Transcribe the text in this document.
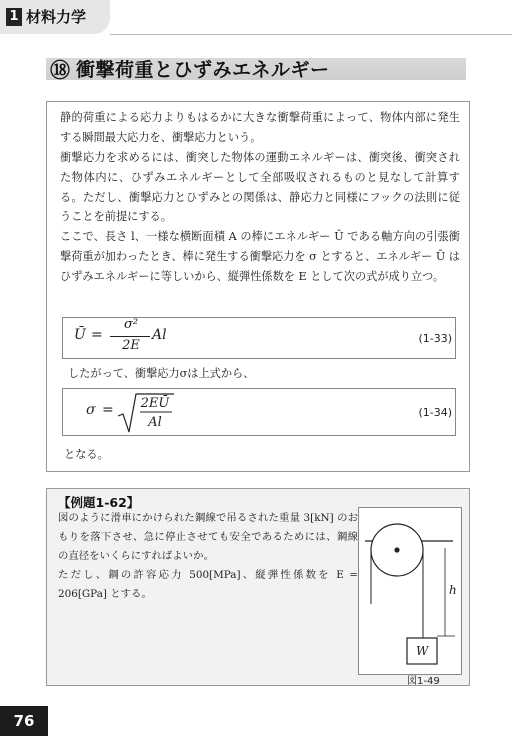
1 材料力学
⑱ 衝撃荷重とひずみエネルギー
静的荷重による応力よりもはるかに大きな衝撃荷重によって、物体内部に発生する瞬間最大応力を、衝撃応力という。
衝撃応力を求めるには、衝突した物体の運動エネルギーは、衝突後、衝突された物体内に、ひずみエネルギーとして全部吸収されるものと見なして計算する。ただし、衝撃応力とひずみとの関係は、静応力と同様にフックの法則に従うことを前提にする。
ここで、長さ l、一様な横断面積 A の棒にエネルギー Ū である軸方向の引張衝撃荷重が加わったとき、棒に発生する衝撃応力を σ とすると、エネルギー Ū はひずみエネルギーに等しいから、縦弾性係数を E として次の式が成り立つ。
Ū =
σ²
2E
Al	(1-33)
したがって、衝撃応力σは上式から、
σ = 2EŪ
Al
(1-34)
となる。
【例題1-62】
図のように滑車にかけられた鋼線で吊るされた重量 3[kN] のおもりを落下させ、急に停止させても安全であるためには、鋼線の直径をいくらにすればよいか。
ただし、鋼の許容応力 500[MPa]、縦弾性係数を E = 206[GPa] とする。	h
W
図1-49
76
